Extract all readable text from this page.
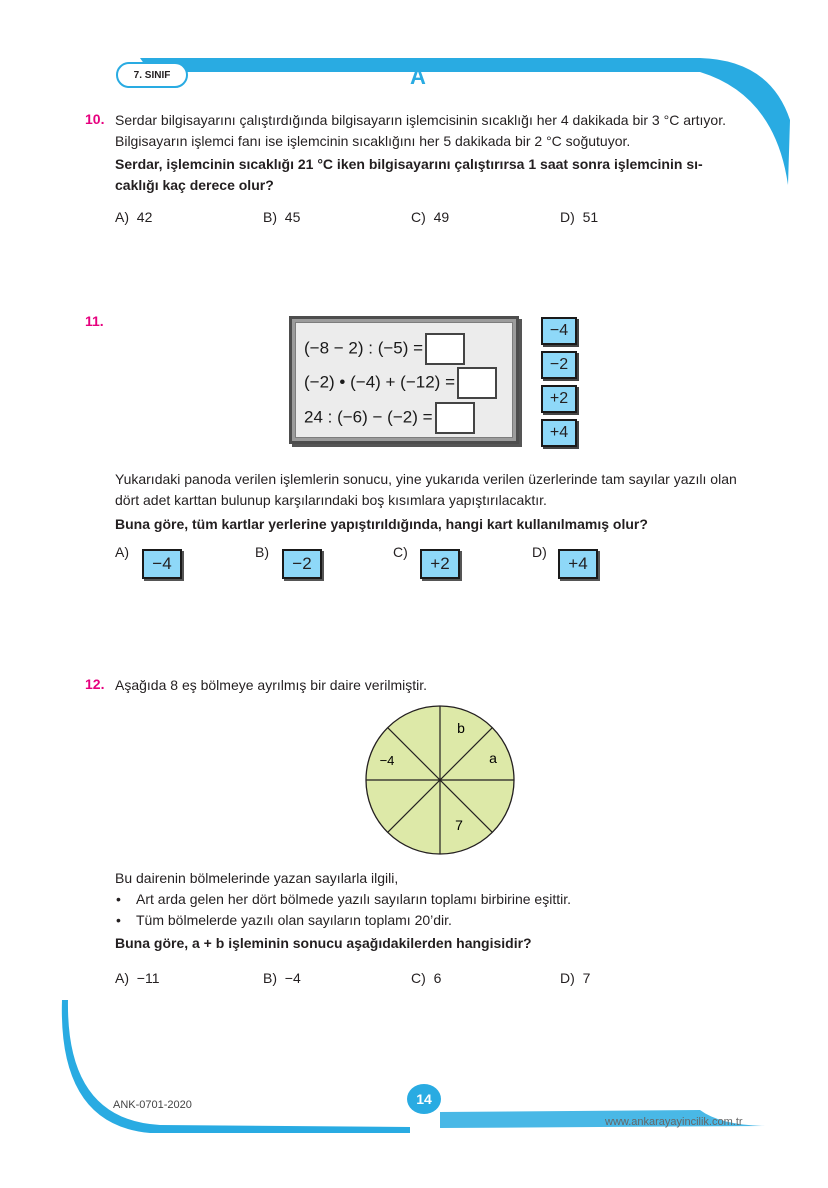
7. SINIF	A
10. Serdar bilgisayarını çalıştırdığında bilgisayarın işlemcisinin sıcaklığı her 4 dakikada bir 3 °C artıyor.
Bilgisayarın işlemci fanı ise işlemcinin sıcaklığını her 5 dakikada bir 2 °C soğutuyor.
Serdar, işlemcinin sıcaklığı 21 °C iken bilgisayarını çalıştırırsa 1 saat sonra işlemcinin sı-
caklığı kaç derece olur?
A) 42	B) 45	C) 49	D) 51
11.
(−8 − 2) : (−5) =
(−2) • (−4) + (−12) =
24 : (−6) − (−2) =
−4
−2
+2
+4
Yukarıdaki panoda verilen işlemlerin sonucu, yine yukarıda verilen üzerlerinde tam sayılar yazılı olan
dört adet karttan bulunup karşılarındaki boş kısımlara yapıştırılacaktır.
Buna göre, tüm kartlar yerlerine yapıştırıldığında, hangi kart kullanılmamış olur?
A)
−4
B)
−2
C)
+2
D)
+4
12. Aşağıda 8 eş bölmeye ayrılmış bir daire verilmiştir.
b
a
−4
7
Bu dairenin bölmelerinde yazan sayılarla ilgili,
• Art arda gelen her dört bölmede yazılı sayıların toplamı birbirine eşittir.
• Tüm bölmelerde yazılı olan sayıların toplamı 20’dir.
Buna göre, a + b işleminin sonucu aşağıdakilerden hangisidir?
A) −11	B) −4	C) 6	D) 7
ANK-0701-2020	14
www.ankarayayincilik.com.tr
